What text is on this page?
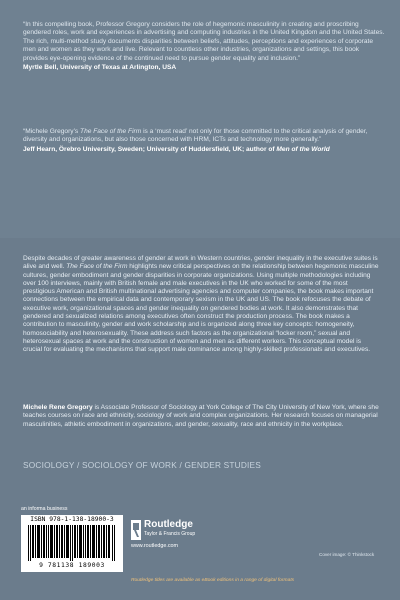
“In this compelling book, Professor Gregory considers the role of hegemonic masculinity in creating and proscribing gendered roles, work and experiences in advertising and computing industries in the United Kingdom and the United States. The rich, multi-method study documents disparities between beliefs, attitudes, perceptions and experiences of corporate men and women as they work and live. Relevant to countless other industries, organizations and settings, this book provides eye-opening evidence of the continued need to pursue gender equality and inclusion.”
Myrtle Bell, University of Texas at Arlington, USA
“Michele Gregory’s The Face of the Firm is a ‘must read’ not only for those committed to the critical analysis of gender, diversity and organizations, but also those concerned with HRM, ICTs and technology more generally.”
Jeff Hearn, Örebro University, Sweden; University of Huddersfield, UK; author of Men of the World
Despite decades of greater awareness of gender at work in Western countries, gender inequality in the executive suites is alive and well. The Face of the Firm highlights new critical perspectives on the relationship between hegemonic masculine cultures, gender embodiment and gender disparities in corporate organizations. Using multiple methodologies including over 100 interviews, mainly with British female and male executives in the UK who worked for some of the most prestigious American and British multinational advertising agencies and computer companies, the book makes important connections between the empirical data and contemporary sexism in the UK and US. The book refocuses the debate of executive work, organizational spaces and gender inequality on gendered bodies at work. It also demonstrates that gendered and sexualized relations among executives often construct the production process. The book makes a contribution to masculinity, gender and work scholarship and is organized along three key concepts: homogeneity, homosociability and heterosexuality. These address such factors as the organizational “locker room,” sexual and heterosexual spaces at work and the construction of women and men as different workers. This conceptual model is crucial for evaluating the mechanisms that support male dominance among highly-skilled professionals and executives.
Michele Rene Gregory is Associate Professor of Sociology at York College of The City University of New York, where she teaches courses on race and ethnicity, sociology of work and complex organizations. Her research focuses on managerial masculinities, athletic embodiment in organizations, and gender, sexuality, race and ethnicity in the workplace.
SOCIOLOGY / SOCIOLOGY OF WORK / GENDER STUDIES
an informa business
ISBN 978-1-138-18900-3
9 781138 189003
Routledge
Taylor & Francis Group
www.routledge.com
Cover image: © Thinkstock
Routledge titles are available as eBook editions in a range of digital formats
